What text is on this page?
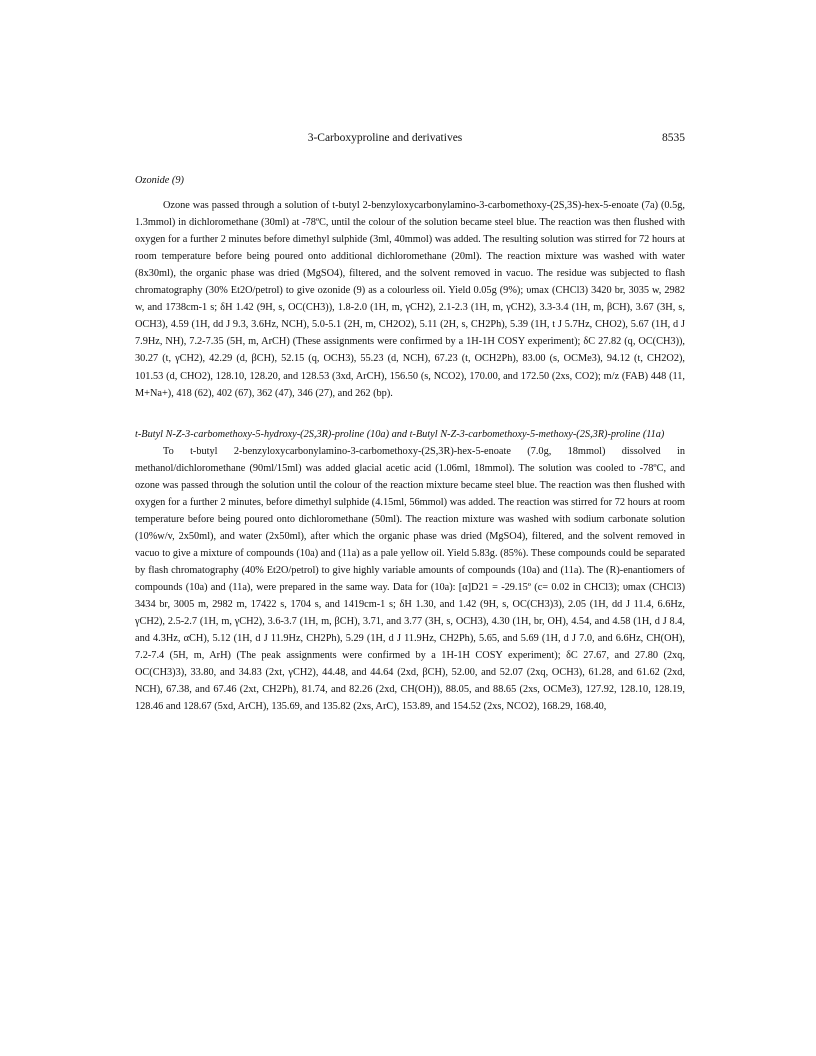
3-Carboxyproline and derivatives	8535

Ozonide (9)

Ozone was passed through a solution of t-butyl 2-benzyloxycarbonylamino-3-carbomethoxy-(2S,3S)-hex-5-enoate (7a) (0.5g, 1.3mmol) in dichloromethane (30ml) at -78ºC, until the colour of the solution became steel blue. The reaction was then flushed with oxygen for a further 2 minutes before dimethyl sulphide (3ml, 40mmol) was added. The resulting solution was stirred for 72 hours at room temperature before being poured onto additional dichloromethane (20ml). The reaction mixture was washed with water (8x30ml), the organic phase was dried (MgSO4), filtered, and the solvent removed in vacuo. The residue was subjected to flash chromatography (30% Et2O/petrol) to give ozonide (9) as a colourless oil. Yield 0.05g (9%); υmax (CHCl3) 3420 br, 3035 w, 2982 w, and 1738cm-1 s; δH 1.42 (9H, s, OC(CH3)), 1.8-2.0 (1H, m, γCH2), 2.1-2.3 (1H, m, γCH2), 3.3-3.4 (1H, m, βCH), 3.67 (3H, s, OCH3), 4.59 (1H, dd J 9.3, 3.6Hz, NCH), 5.0-5.1 (2H, m, CH2O2), 5.11 (2H, s, CH2Ph), 5.39 (1H, t J 5.7Hz, CHO2), 5.67 (1H, d J 7.9Hz, NH), 7.2-7.35 (5H, m, ArCH) (These assignments were confirmed by a 1H-1H COSY experiment); δC 27.82 (q, OC(CH3)), 30.27 (t, γCH2), 42.29 (d, βCH), 52.15 (q, OCH3), 55.23 (d, NCH), 67.23 (t, OCH2Ph), 83.00 (s, OCMe3), 94.12 (t, CH2O2), 101.53 (d, CHO2), 128.10, 128.20, and 128.53 (3xd, ArCH), 156.50 (s, NCO2), 170.00, and 172.50 (2xs, CO2); m/z (FAB) 448 (11, M+Na+), 418 (62), 402 (67), 362 (47), 346 (27), and 262 (bp).

t-Butyl N-Z-3-carbomethoxy-5-hydroxy-(2S,3R)-proline (10a) and t-Butyl N-Z-3-carbomethoxy-5-methoxy-(2S,3R)-proline (11a)

To t-butyl 2-benzyloxycarbonylamino-3-carbomethoxy-(2S,3R)-hex-5-enoate (7.0g, 18mmol) dissolved in methanol/dichloromethane (90ml/15ml) was added glacial acetic acid (1.06ml, 18mmol). The solution was cooled to -78ºC, and ozone was passed through the solution until the colour of the reaction mixture became steel blue. The reaction was then flushed with oxygen for a further 2 minutes, before dimethyl sulphide (4.15ml, 56mmol) was added. The reaction was stirred for 72 hours at room temperature before being poured onto dichloromethane (50ml). The reaction mixture was washed with sodium carbonate solution (10%w/v, 2x50ml), and water (2x50ml), after which the organic phase was dried (MgSO4), filtered, and the solvent removed in vacuo to give a mixture of compounds (10a) and (11a) as a pale yellow oil. Yield 5.83g. (85%). These compounds could be separated by flash chromatography (40% Et2O/petrol) to give highly variable amounts of compounds (10a) and (11a). The (R)-enantiomers of compounds (10a) and (11a), were prepared in the same way. Data for (10a): [α]D21 = -29.15º (c= 0.02 in CHCl3); υmax (CHCl3) 3434 br, 3005 m, 2982 m, 17422 s, 1704 s, and 1419cm-1 s; δH 1.30, and 1.42 (9H, s, OC(CH3)3), 2.05 (1H, dd J 11.4, 6.6Hz, γCH2), 2.5-2.7 (1H, m, γCH2), 3.6-3.7 (1H, m, βCH), 3.71, and 3.77 (3H, s, OCH3), 4.30 (1H, br, OH), 4.54, and 4.58 (1H, d J 8.4, and 4.3Hz, αCH), 5.12 (1H, d J 11.9Hz, CH2Ph), 5.29 (1H, d J 11.9Hz, CH2Ph), 5.65, and 5.69 (1H, d J 7.0, and 6.6Hz, CH(OH), 7.2-7.4 (5H, m, ArH) (The peak assignments were confirmed by a 1H-1H COSY experiment); δC 27.67, and 27.80 (2xq, OC(CH3)3), 33.80, and 34.83 (2xt, γCH2), 44.48, and 44.64 (2xd, βCH), 52.00, and 52.07 (2xq, OCH3), 61.28, and 61.62 (2xd, NCH), 67.38, and 67.46 (2xt, CH2Ph), 81.74, and 82.26 (2xd, CH(OH)), 88.05, and 88.65 (2xs, OCMe3), 127.92, 128.10, 128.19, 128.46 and 128.67 (5xd, ArCH), 135.69, and 135.82 (2xs, ArC), 153.89, and 154.52 (2xs, NCO2), 168.29, 168.40,
